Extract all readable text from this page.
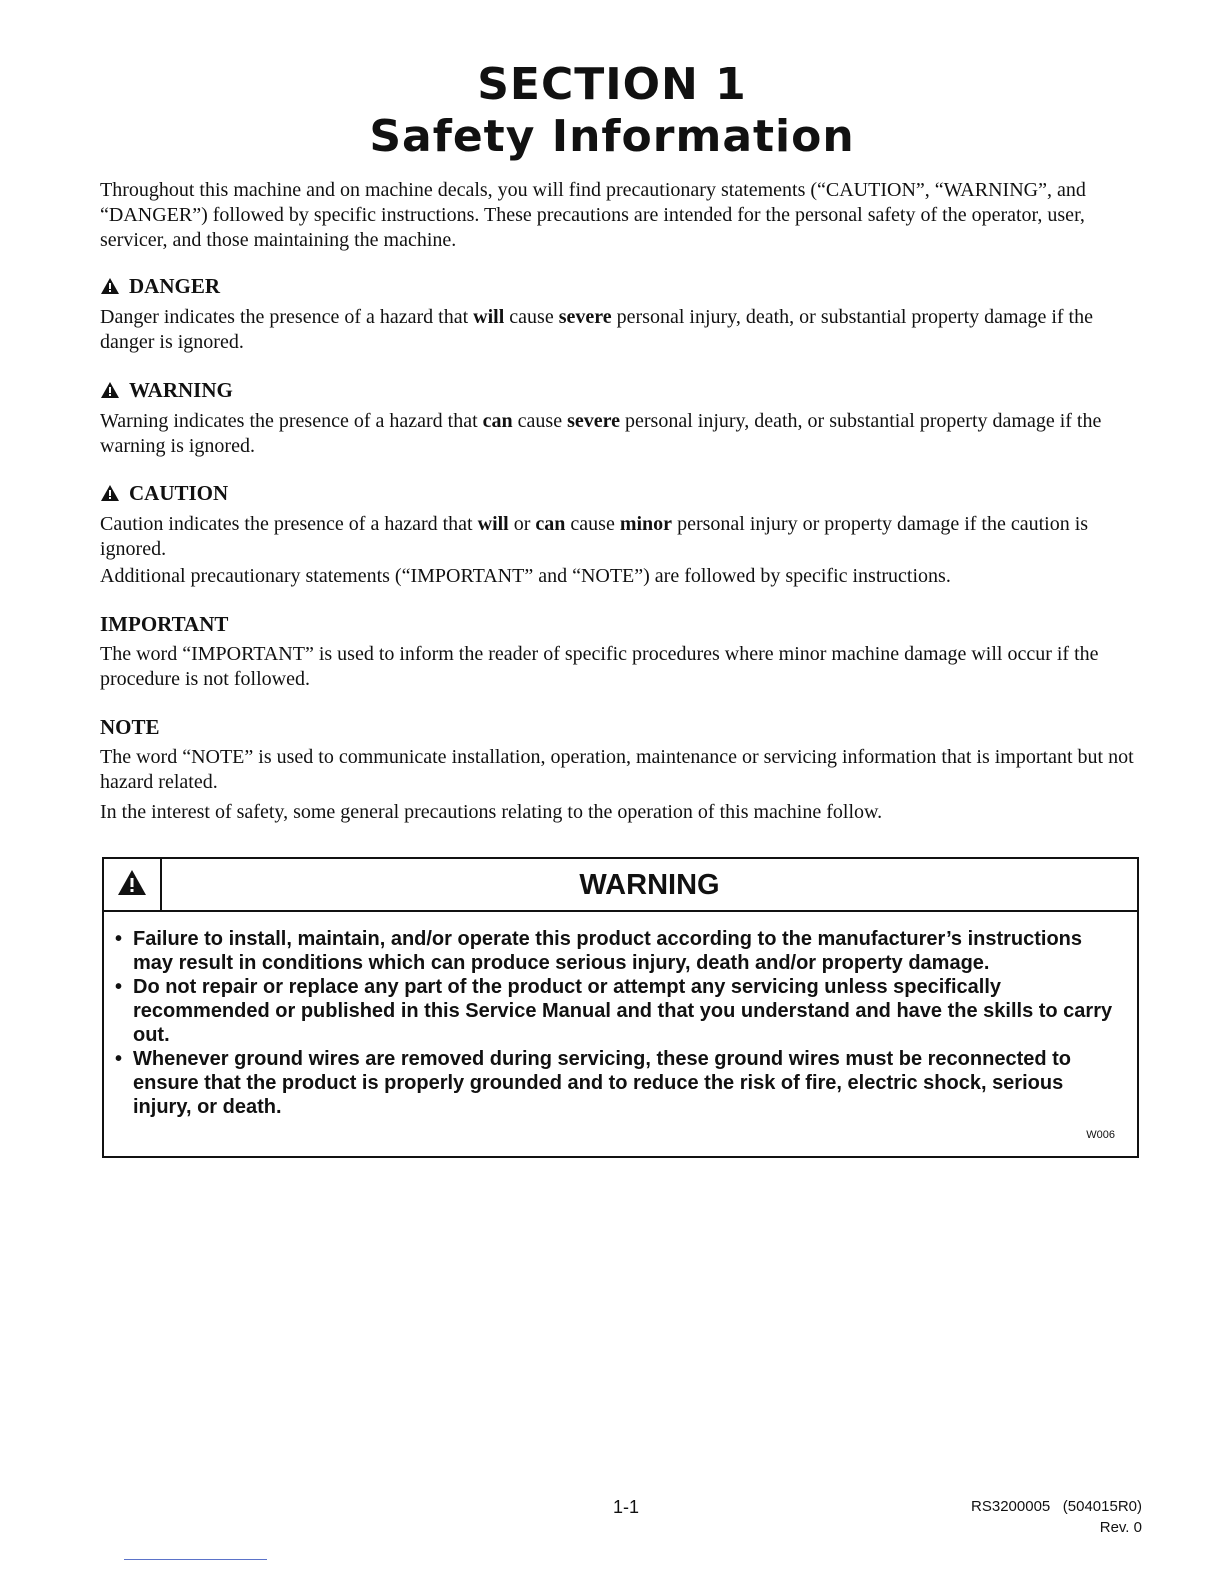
SECTION 1
Safety Information

Throughout this machine and on machine decals, you will find precautionary statements (“CAUTION”, “WARNING”, and “DANGER”) followed by specific instructions. These precautions are intended for the personal safety of the operator, user, servicer, and those maintaining the machine.

DANGER

Danger indicates the presence of a hazard that will cause severe personal injury, death, or substantial property damage if the danger is ignored.

WARNING

Warning indicates the presence of a hazard that can cause severe personal injury, death, or substantial property damage if the warning is ignored.

CAUTION

Caution indicates the presence of a hazard that will or can cause minor personal injury or property damage if the caution is ignored.

Additional precautionary statements (“IMPORTANT” and “NOTE”) are followed by specific instructions.

IMPORTANT

The word “IMPORTANT” is used to inform the reader of specific procedures where minor machine damage will occur if the procedure is not followed.

NOTE

The word “NOTE” is used to communicate installation, operation, maintenance or servicing information that is important but not hazard related.

In the interest of safety, some general precautions relating to the operation of this machine follow.

WARNING
• Failure to install, maintain, and/or operate this product according to the manufacturer’s instructions may result in conditions which can produce serious injury, death and/or property damage.
• Do not repair or replace any part of the product or attempt any servicing unless specifically recommended or published in this Service Manual and that you understand and have the skills to carry out.
• Whenever ground wires are removed during servicing, these ground wires must be reconnected to ensure that the product is properly grounded and to reduce the risk of fire, electric shock, serious injury, or death.
W006
1-1	RS3200005   (504015R0)
Rev. 0
